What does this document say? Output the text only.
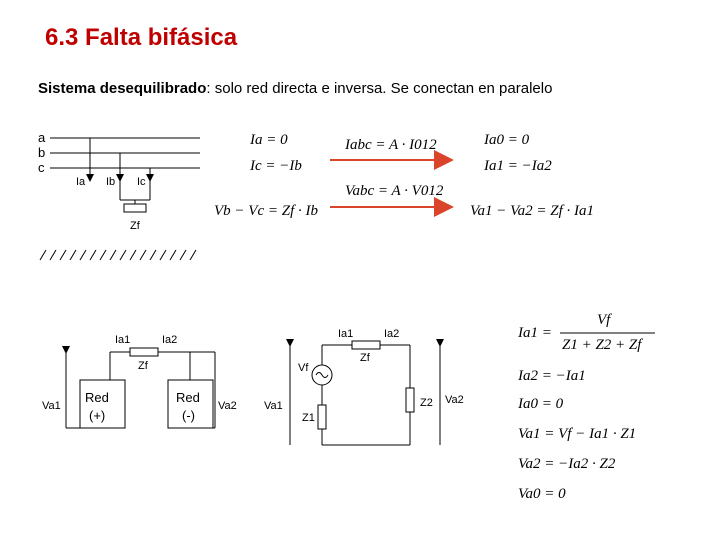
6.3 Falta bifásica
Sistema desequilibrado: solo red directa e inversa. Se conectan en paralelo
a
b
c
Ia Ib Ic
Zf
Ia = 0
Ic = −Ib
Vb − Vc = Zf · Ib
Iabc = A · I012
Vabc = A · V012
Ia0 = 0
Ia1 = −Ia2
Va1 − Va2 = Zf · Ia1
Ia1	Ia2
Zf
Red
(+)
Red
(-)
Va1	Va2
Ia1	Ia2
Zf
Vf
Z1
Z2
Va1	Va2
Ia1 =
Vf
Z1 + Z2 + Zf
Ia2 = −Ia1
Ia0 = 0
Va1 = Vf − Ia1 · Z1
Va2 = −Ia2 · Z2
Va0 = 0
